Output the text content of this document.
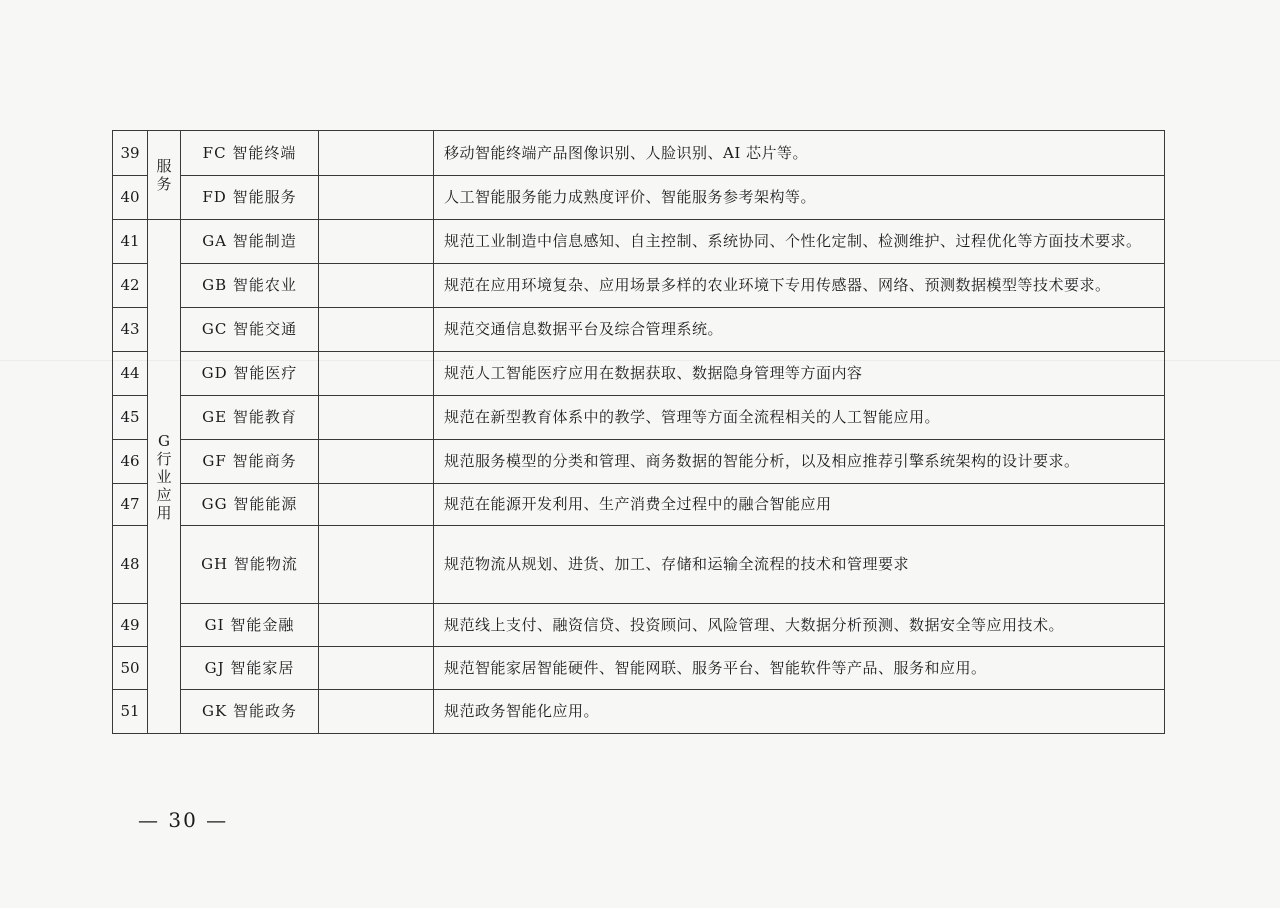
39	服务	FC 智能终端		移动智能终端产品图像识别、人脸识别、AI 芯片等。
40		FD 智能服务		人工智能服务能力成熟度评价、智能服务参考架构等。
41	G行业应用	GA 智能制造		规范工业制造中信息感知、自主控制、系统协同、个性化定制、检测维护、过程优化等方面技术要求。
42		GB 智能农业		规范在应用环境复杂、应用场景多样的农业环境下专用传感器、网络、预测数据模型等技术要求。
43		GC 智能交通		规范交通信息数据平台及综合管理系统。
44		GD 智能医疗		规范人工智能医疗应用在数据获取、数据隐身管理等方面内容
45		GE 智能教育		规范在新型教育体系中的教学、管理等方面全流程相关的人工智能应用。
46		GF 智能商务		规范服务模型的分类和管理、商务数据的智能分析，以及相应推荐引擎系统架构的设计要求。
47		GG 智能能源		规范在能源开发利用、生产消费全过程中的融合智能应用
48		GH 智能物流		规范物流从规划、进货、加工、存储和运输全流程的技术和管理要求
49		GI 智能金融		规范线上支付、融资信贷、投资顾问、风险管理、大数据分析预测、数据安全等应用技术。
50		GJ 智能家居		规范智能家居智能硬件、智能网联、服务平台、智能软件等产品、服务和应用。
51		GK 智能政务		规范政务智能化应用。
— 30 —
